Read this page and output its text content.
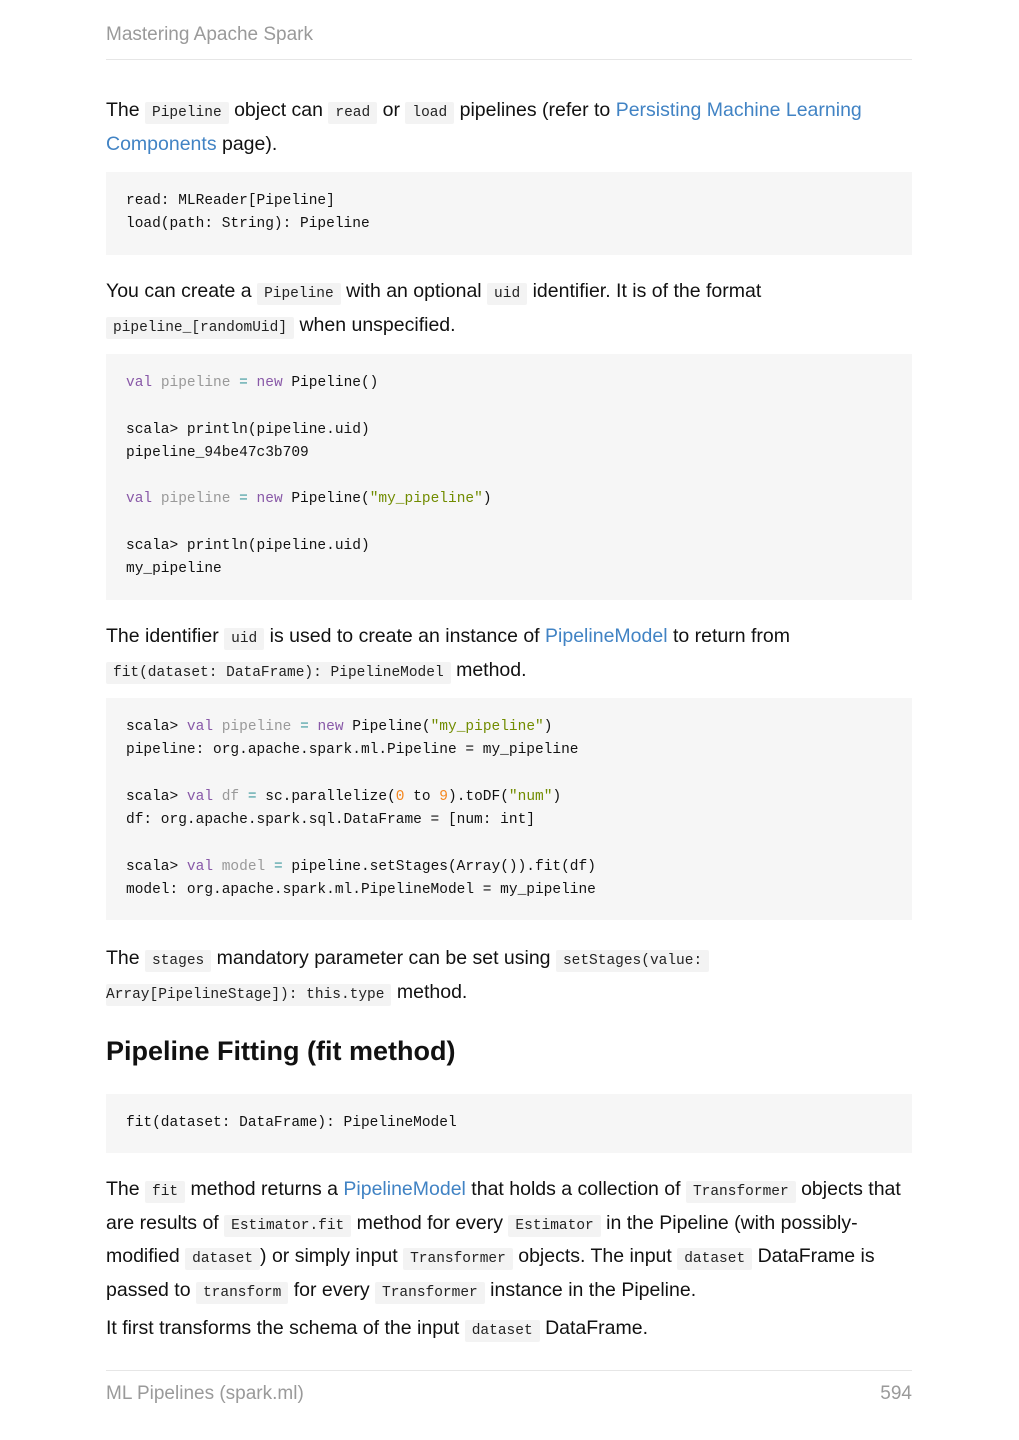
Mastering Apache Spark

The Pipeline object can read or load pipelines (refer to Persisting Machine Learning Components page).

read: MLReader[Pipeline]
load(path: String): Pipeline

You can create a Pipeline with an optional uid identifier. It is of the format
pipeline_[randomUid] when unspecified.

val pipeline = new Pipeline()

scala> println(pipeline.uid)
pipeline_94be47c3b709

val pipeline = new Pipeline("my_pipeline")

scala> println(pipeline.uid)
my_pipeline

The identifier uid is used to create an instance of PipelineModel to return from
fit(dataset: DataFrame): PipelineModel method.

scala> val pipeline = new Pipeline("my_pipeline")
pipeline: org.apache.spark.ml.Pipeline = my_pipeline

scala> val df = sc.parallelize(0 to 9).toDF("num")
df: org.apache.spark.sql.DataFrame = [num: int]

scala> val model = pipeline.setStages(Array()).fit(df)
model: org.apache.spark.ml.PipelineModel = my_pipeline

The stages mandatory parameter can be set using setStages(value:
Array[PipelineStage]): this.type method.

Pipeline Fitting (fit method)
fit(dataset: DataFrame): PipelineModel

The fit method returns a PipelineModel that holds a collection of Transformer objects that are results of Estimator.fit method for every Estimator in the Pipeline (with possibly-modified dataset ) or simply input Transformer objects. The input dataset DataFrame is passed to transform for every Transformer instance in the Pipeline.

It first transforms the schema of the input dataset DataFrame.

ML Pipelines (spark.ml)	594
